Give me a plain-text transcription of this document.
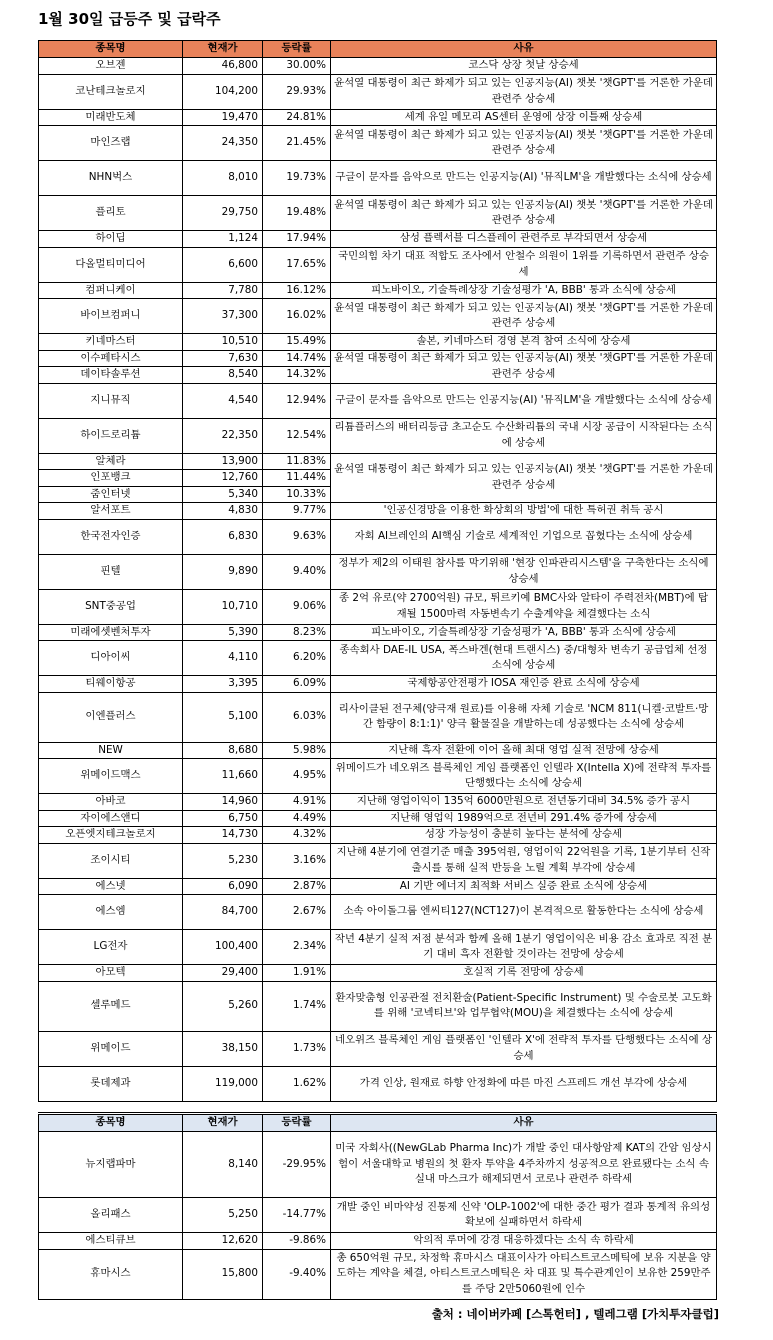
1월 30일 급등주 및 급락주
종목명	현재가	등락률	사유
오브젠	46,800	30.00%	코스닥 상장 첫날 상승세
코난테크놀로지	104,200	29.93%	윤석열 대통령이 최근 화제가 되고 있는 인공지능(AI) 챗봇 '챗GPT'를 거론한 가운데 관련주 상승세
미래반도체	19,470	24.81%	세계 유일 메모리 AS센터 운영에 상장 이틀째 상승세
마인즈랩	24,350	21.45%	윤석열 대통령이 최근 화제가 되고 있는 인공지능(AI) 챗봇 '챗GPT'를 거론한 가운데 관련주 상승세
NHN벅스	8,010	19.73%	구글이 문자를 음악으로 만드는 인공지능(AI) '뮤직LM'을 개발했다는 소식에 상승세
플리토	29,750	19.48%	윤석열 대통령이 최근 화제가 되고 있는 인공지능(AI) 챗봇 '챗GPT'를 거론한 가운데 관련주 상승세
하이딥	1,124	17.94%	삼성 플렉서블 디스플레이 관련주로 부각되면서 상승세
다올멀티미디어	6,600	17.65%	국민의힘 차기 대표 적합도 조사에서 안철수 의원이 1위를 기록하면서 관련주 상승세
컴퍼니케이	7,780	16.12%	피노바이오, 기술특례상장 기술성평가 'A, BBB' 통과 소식에 상승세
바이브컴퍼니	37,300	16.02%	윤석열 대통령이 최근 화제가 되고 있는 인공지능(AI) 챗봇 '챗GPT'를 거론한 가운데 관련주 상승세
키네마스터	10,510	15.49%	솔본, 키네마스터 경영 본격 참여 소식에 상승세
이수페타시스	7,630	14.74%	윤석열 대통령이 최근 화제가 되고 있는 인공지능(AI) 챗봇 '챗GPT'를 거론한 가운데 관련주 상승세
데이타솔루션	8,540	14.32%	
지니뮤직	4,540	12.94%	구글이 문자를 음악으로 만드는 인공지능(AI) '뮤직LM'을 개발했다는 소식에 상승세
하이드로리튬	22,350	12.54%	리튬플러스의 배터리등급 초고순도 수산화리튬의 국내 시장 공급이 시작된다는 소식에 상승세
알체라	13,900	11.83%	윤석열 대통령이 최근 화제가 되고 있는 인공지능(AI) 챗봇 '챗GPT'를 거론한 가운데 관련주 상승세
인포뱅크	12,760	11.44%	
줌인터넷	5,340	10.33%	
알서포트	4,830	9.77%	'인공신경망을 이용한 화상회의 방법'에 대한 특허권 취득 공시
한국전자인증	6,830	9.63%	자회 AI브레인의 AI핵심 기술로 세계적인 기업으로 꼽혔다는 소식에 상승세
핀텔	9,890	9.40%	정부가 제2의 이태원 참사를 막기위해 '현장 인파관리시스템'을 구축한다는 소식에 상승세
SNT중공업	10,710	9.06%	종 2억 유로(약 2700억원) 규모, 튀르키예 BMC사와 알타이 주력전차(MBT)에 탑재될 1500마력 자동변속기 수출계약을 체결했다는 소식
미래에셋벤처투자	5,390	8.23%	피노바이오, 기술특례상장 기술성평가 'A, BBB' 통과 소식에 상승세
디아이씨	4,110	6.20%	종속회사 DAE-IL USA, 폭스바겐(현대 트랜시스) 중/대형차 변속기 공급업체 선정 소식에 상승세
티웨이항공	3,395	6.09%	국제항공안전평가 IOSA 재인증 완료 소식에 상승세
이엔플러스	5,100	6.03%	리사이클된 전구체(양극재 원료)를 이용해 자체 기술로 'NCM 811(니켈·코발트·망간 함량이 8:1:1)' 양극 활물질을 개발하는데 성공했다는 소식에 상승세
NEW	8,680	5.98%	지난해 흑자 전환에 이어 올해 최대 영업 실적 전망에 상승세
위메이드맥스	11,660	4.95%	위메이드가 네오위즈 블록체인 게임 플랫폼인 인텔라 X(Intella X)에 전략적 투자를 단행했다는 소식에 상승세
아바코	14,960	4.91%	지난해 영업이익이 135억 6000만원으로 전년동기대비 34.5% 증가 공시
자이에스앤디	6,750	4.49%	지난해 영업익 1989억으로 전년비 291.4% 증가에 상승세
오픈엣지테크놀로지	14,730	4.32%	성장 가능성이 충분히 높다는 분석에 상승세
조이시티	5,230	3.16%	지난해 4분기에 연결기준 매출 395억원, 영업이익 22억원을 기록, 1분기부터 신작 출시를 통해 실적 반등을 노릴 계획 부각에 상승세
에스넷	6,090	2.87%	AI 기반 에너지 최적화 서비스 실증 완료 소식에 상승세
에스엠	84,700	2.67%	소속 아이돌그룹 엔씨티127(NCT127)이 본격적으로 활동한다는 소식에 상승세
LG전자	100,400	2.34%	작년 4분기 실적 저점 분석과 함께 올해 1분기 영업이익은 비용 감소 효과로 직전 분기 대비 흑자 전환할 것이라는 전망에 상승세
아모텍	29,400	1.91%	호실적 기록 전망에 상승세
셀루메드	5,260	1.74%	환자맞춤형 인공관절 전치환술(Patient-Specific Instrument) 및 수술로봇 고도화를 위해 '코넥티브'와 업무협약(MOU)을 체결했다는 소식에 상승세
위메이드	38,150	1.73%	네오위즈 블록체인 게임 플랫폼인 '인텔라 X'에 전략적 투자를 단행했다는 소식에 상승세
롯데제과	119,000	1.62%	가격 인상, 원재료 하향 안정화에 따른 마진 스프레드 개선 부각에 상승세
종목명	현재가	등락률	사유
뉴지랩파마	8,140	-29.95%	미국 자회사((NewGLab Pharma Inc)가 개발 중인 대사항암제 KAT의 간암 임상시험이 서울대학교 병원의 첫 환자 투약을 4주차까지 성공적으로 완료됐다는 소식 속 실내 마스크가 해제되면서 코로나 관련주 하락세
올리패스	5,250	-14.77%	개발 중인 비마약성 진통제 신약 'OLP-1002'에 대한 중간 평가 결과 통계적 유의성 확보에 실패하면서 하락세
에스티큐브	12,620	-9.86%	악의적 루머에 강경 대응하겠다는 소식 속 하락세
휴마시스	15,800	-9.40%	총 650억원 규모, 차정학 휴마시스 대표이사가 아티스트코스메틱에 보유 지분을 양도하는 계약을 체결, 아티스트코스메틱은 차 대표 및 특수관계인이 보유한 259만주를 주당 2만5060원에 인수
출처 : 네이버카페 [스톡헌터] , 텔레그램 [가치투자클럽]
